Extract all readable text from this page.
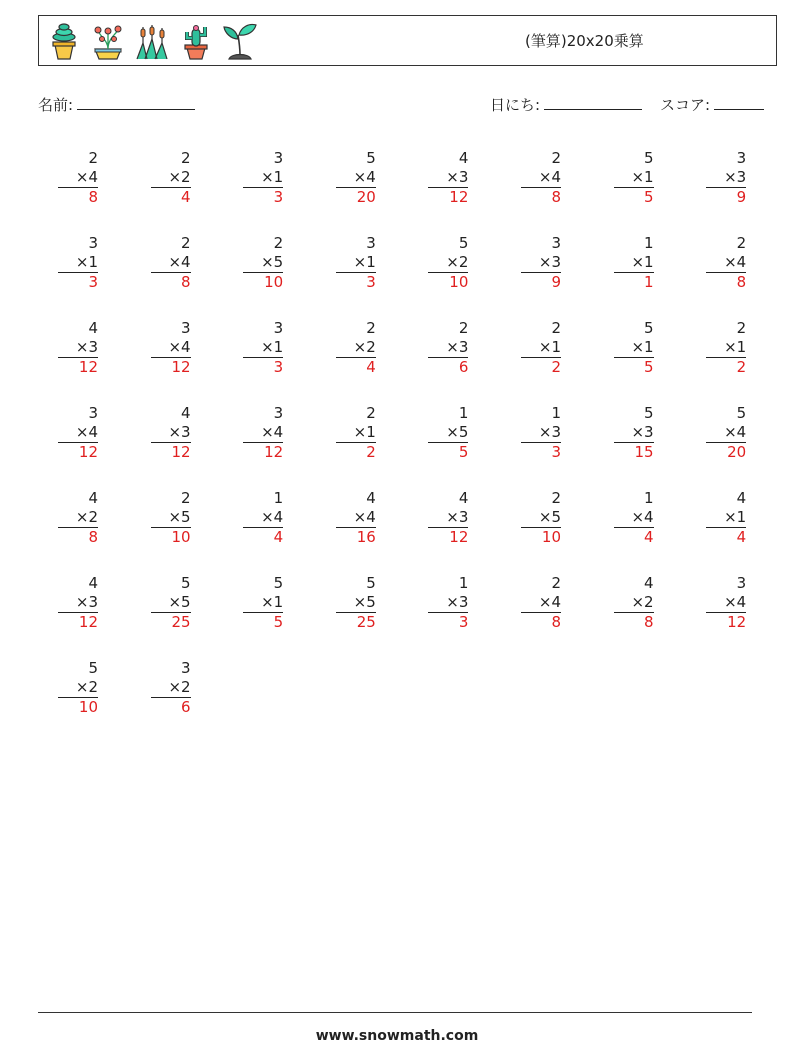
(筆算)20x20乗算
名前:	日にち:	スコア:
2
×4
8
2
×2
4
3
×1
3
5
×4
20
4
×3
12
2
×4
8
5
×1
5
3
×3
9
3
×1
3
2
×4
8
2
×5
10
3
×1
3
5
×2
10
3
×3
9
1
×1
1
2
×4
8
4
×3
12
3
×4
12
3
×1
3
2
×2
4
2
×3
6
2
×1
2
5
×1
5
2
×1
2
3
×4
12
4
×3
12
3
×4
12
2
×1
2
1
×5
5
1
×3
3
5
×3
15
5
×4
20
4
×2
8
2
×5
10
1
×4
4
4
×4
16
4
×3
12
2
×5
10
1
×4
4
4
×1
4
4
×3
12
5
×5
25
5
×1
5
5
×5
25
1
×3
3
2
×4
8
4
×2
8
3
×4
12
5
×2
10
3
×2
6
www.snowmath.com
